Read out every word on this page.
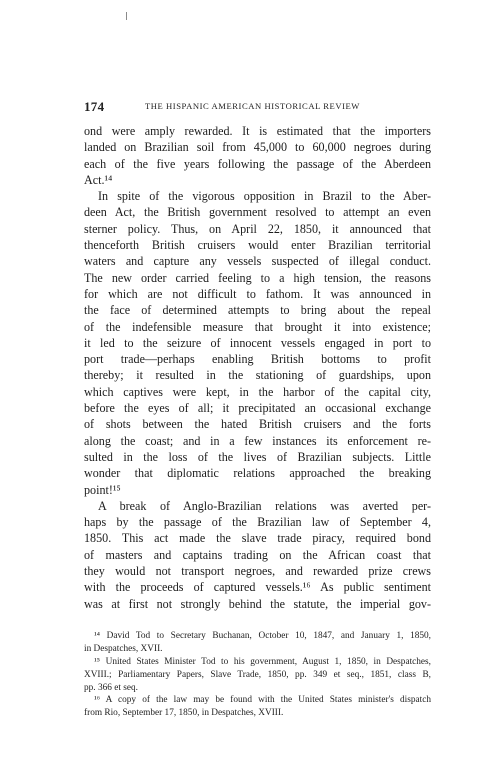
174	THE HISPANIC AMERICAN HISTORICAL REVIEW
ond were amply rewarded. It is estimated that the importers
landed on Brazilian soil from 45,000 to 60,000 negroes during
each of the five years following the passage of the Aberdeen
Act.¹⁴
In spite of the vigorous opposition in Brazil to the Aber-
deen Act, the British government resolved to attempt an even
sterner policy. Thus, on April 22, 1850, it announced that
thenceforth British cruisers would enter Brazilian territorial
waters and capture any vessels suspected of illegal conduct.
The new order carried feeling to a high tension, the reasons
for which are not difficult to fathom. It was announced in
the face of determined attempts to bring about the repeal
of the indefensible measure that brought it into existence;
it led to the seizure of innocent vessels engaged in port to
port trade—perhaps enabling British bottoms to profit
thereby; it resulted in the stationing of guardships, upon
which captives were kept, in the harbor of the capital city,
before the eyes of all; it precipitated an occasional exchange
of shots between the hated British cruisers and the forts
along the coast; and in a few instances its enforcement re-
sulted in the loss of the lives of Brazilian subjects. Little
wonder that diplomatic relations approached the breaking
point!¹⁵
A break of Anglo-Brazilian relations was averted per-
haps by the passage of the Brazilian law of September 4,
1850. This act made the slave trade piracy, required bond
of masters and captains trading on the African coast that
they would not transport negroes, and rewarded prize crews
with the proceeds of captured vessels.¹⁶ As public sentiment
was at first not strongly behind the statute, the imperial gov-
¹⁴ David Tod to Secretary Buchanan, October 10, 1847, and January 1, 1850,
in Despatches, XVII.
¹⁵ United States Minister Tod to his government, August 1, 1850, in Despatches,
XVIII.; Parliamentary Papers, Slave Trade, 1850, pp. 349 et seq., 1851, class B,
pp. 366 et seq.
¹⁶ A copy of the law may be found with the United States minister's dispatch
from Rio, September 17, 1850, in Despatches, XVIII.
